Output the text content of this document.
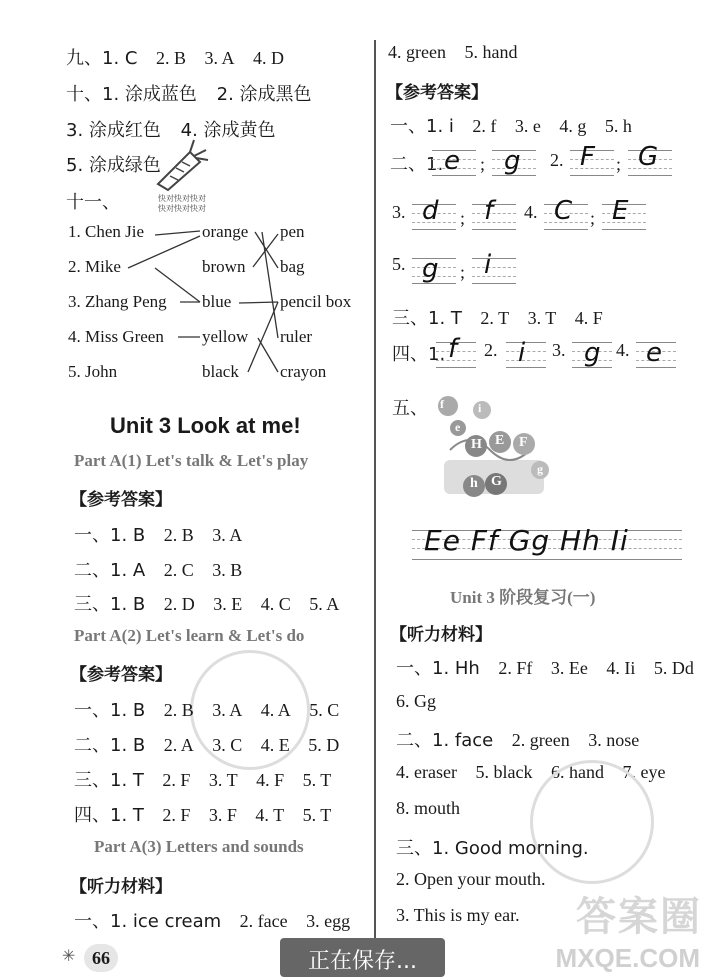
九、1. C 2. B 3. A 4. D
十、1. 涂成蓝色 2. 涂成黑色
3. 涂成红色 4. 涂成黄色
5. 涂成绿色
快对快对快对
快对快对快对
十一、
1. Chen Jie
2. Mike
3. Zhang Peng
4. Miss Green
5. John
orange
brown
blue
yellow
black
pen
bag
pencil box
ruler
crayon
Unit 3 Look at me!
Part A(1) Let's talk & Let's play
【参考答案】
一、1. B 2. B 3. A
二、1. A 2. C 3. B
三、1. B 2. D 3. E 4. C 5. A
Part A(2) Let's learn & Let's do
【参考答案】
一、1. B 2. B 3. A 4. A 5. C
二、1. B 2. A 3. C 4. E 5. D
三、1. T 2. F 3. T 4. F 5. T
四、1. T 2. F 3. F 4. T 5. T
Part A(3) Letters and sounds
【听力材料】
一、1. ice cream 2. face 3. egg
4. green 5. hand
【参考答案】
一、1. i 2. f 3. e 4. g 5. h
二、1. e ; g 2. F ; G
3. d ; f 4. C ; E
5. g ; i
三、1. T 2. T 3. T 4. F
四、1. f 2. i 3. g 4. e
五、 f	i
e
H E F
h G
g
Ee Ff Gg Hh Ii
Unit 3 阶段复习(一)
【听力材料】
一、1. Hh 2. Ff 3. Ee 4. Ii 5. Dd
6. Gg
二、1. face 2. green 3. nose
4. eraser 5. black 6. hand 7. eye
8. mouth
三、1. Good morning.
2. Open your mouth.
3. This is my ear.
✳ 66	正在保存...
答案圈
MXQE.COM
